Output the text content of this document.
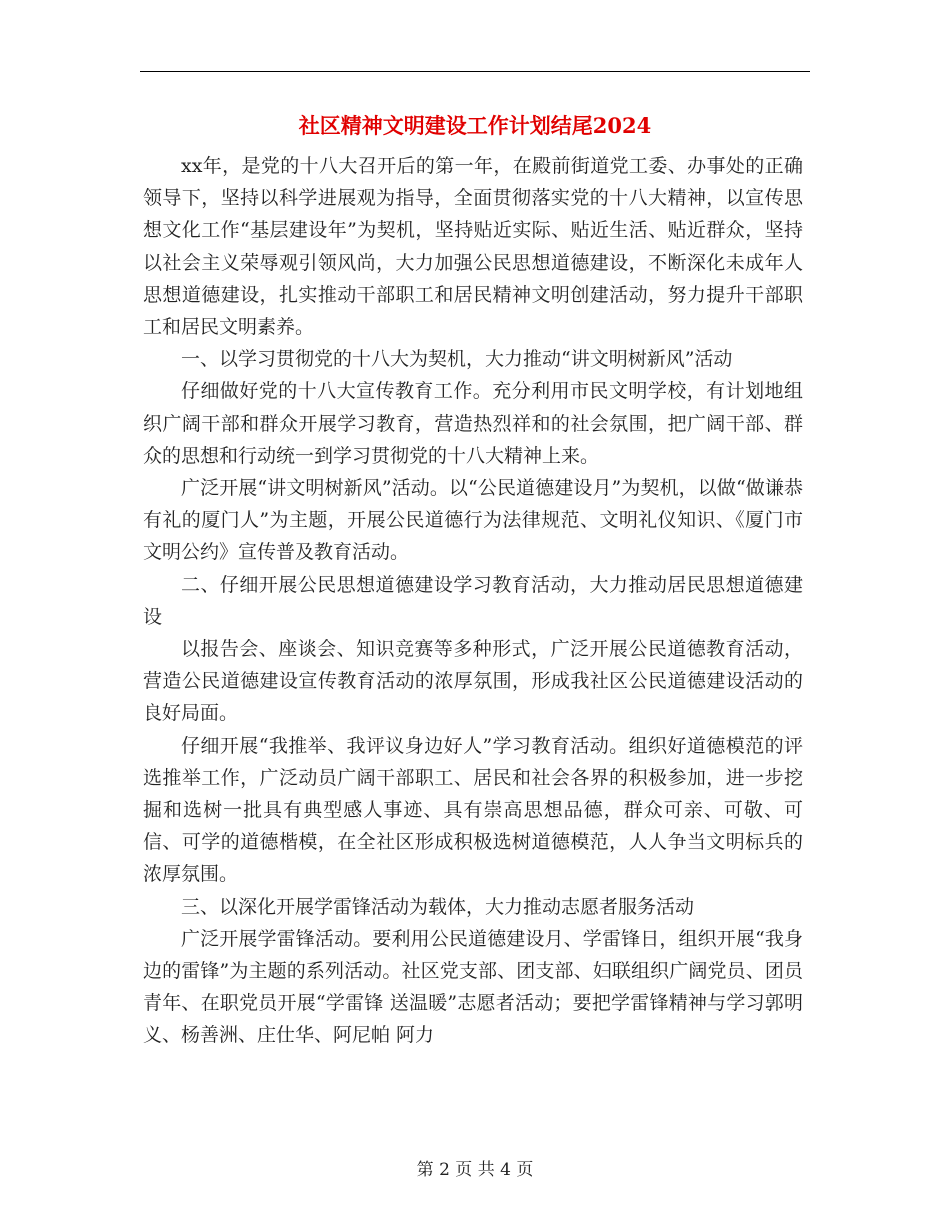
社区精神文明建设工作计划结尾2024

xx年，是党的十八大召开后的第一年，在殿前街道党工委、办事处的正确领导下，坚持以科学进展观为指导，全面贯彻落实党的十八大精神，以宣传思想文化工作“基层建设年”为契机，坚持贴近实际、贴近生活、贴近群众，坚持以社会主义荣辱观引领风尚，大力加强公民思想道德建设，不断深化未成年人思想道德建设，扎实推动干部职工和居民精神文明创建活动，努力提升干部职工和居民文明素养。

一、以学习贯彻党的十八大为契机，大力推动“讲文明树新风”活动

仔细做好党的十八大宣传教育工作。充分利用市民文明学校，有计划地组织广阔干部和群众开展学习教育，营造热烈祥和的社会氛围，把广阔干部、群众的思想和行动统一到学习贯彻党的十八大精神上来。

广泛开展“讲文明树新风”活动。以“公民道德建设月”为契机，以做“做谦恭有礼的厦门人”为主题，开展公民道德行为法律规范、文明礼仪知识、《厦门市文明公约》宣传普及教育活动。

二、仔细开展公民思想道德建设学习教育活动，大力推动居民思想道德建设

以报告会、座谈会、知识竞赛等多种形式，广泛开展公民道德教育活动，营造公民道德建设宣传教育活动的浓厚氛围，形成我社区公民道德建设活动的良好局面。

仔细开展“我推举、我评议身边好人”学习教育活动。组织好道德模范的评选推举工作，广泛动员广阔干部职工、居民和社会各界的积极参加，进一步挖掘和选树一批具有典型感人事迹、具有崇高思想品德，群众可亲、可敬、可信、可学的道德楷模，在全社区形成积极选树道德模范，人人争当文明标兵的浓厚氛围。

三、以深化开展学雷锋活动为载体，大力推动志愿者服务活动

广泛开展学雷锋活动。要利用公民道德建设月、学雷锋日，组织开展“我身边的雷锋”为主题的系列活动。社区党支部、团支部、妇联组织广阔党员、团员青年、在职党员开展“学雷锋 送温暖”志愿者活动；要把学雷锋精神与学习郭明义、杨善洲、庄仕华、阿尼帕 阿力

第 2 页 共 4 页
